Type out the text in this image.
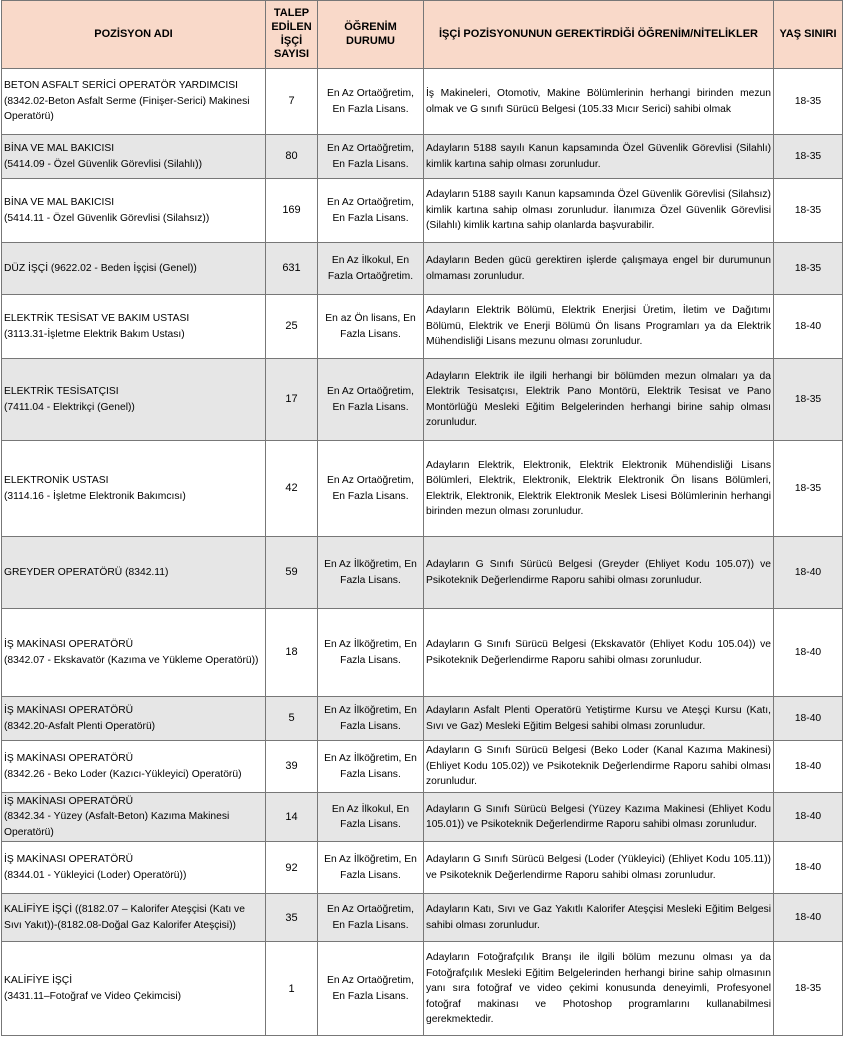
POZİSYON ADI	TALEP EDİLEN İŞÇİ SAYISI	ÖĞRENİM DURUMU	İŞÇİ POZİSYONUNUN GEREKTİRDİĞİ ÖĞRENİM/NİTELİKLER	YAŞ SINIRI

BETON ASFALT SERİCİ OPERATÖR YARDIMCISI
(8342.02-Beton Asfalt Serme (Finişer-Serici) Makinesi Operatörü)	7	En Az Ortaöğretim, En Fazla Lisans.	İş Makineleri, Otomotiv, Makine Bölümlerinin herhangi birinden mezun olmak ve G sınıfı Sürücü Belgesi (105.33 Mıcır Serici) sahibi olmak	18-35

BİNA VE MAL BAKICISI
(5414.09 - Özel Güvenlik Görevlisi (Silahlı))	80	En Az Ortaöğretim, En Fazla Lisans.	Adayların 5188 sayılı Kanun kapsamında Özel Güvenlik Görevlisi (Silahlı) kimlik kartına sahip olması zorunludur.	18-35

BİNA VE MAL BAKICISI
(5414.11 - Özel Güvenlik Görevlisi (Silahsız))	169	En Az Ortaöğretim, En Fazla Lisans.	Adayların 5188 sayılı Kanun kapsamında Özel Güvenlik Görevlisi (Silahsız) kimlik kartına sahip olması zorunludur. İlanımıza Özel Güvenlik Görevlisi (Silahlı) kimlik kartına sahip olanlarda başvurabilir.	18-35

DÜZ İŞÇİ (9622.02 - Beden İşçisi (Genel))	631	En Az İlkokul, En Fazla Ortaöğretim.	Adayların Beden gücü gerektiren işlerde çalışmaya engel bir durumunun olmaması zorunludur.	18-35

ELEKTRİK TESİSAT VE BAKIM USTASI
(3113.31-İşletme Elektrik Bakım Ustası)	25	En az Ön lisans, En Fazla Lisans.	Adayların Elektrik Bölümü, Elektrik Enerjisi Üretim, İletim ve Dağıtımı Bölümü, Elektrik ve Enerji Bölümü Ön lisans Programları ya da Elektrik Mühendisliği Lisans mezunu olması zorunludur.	18-40

ELEKTRİK TESİSATÇISI
(7411.04 - Elektrikçi (Genel))	17	En Az Ortaöğretim, En Fazla Lisans.	Adayların Elektrik ile ilgili herhangi bir bölümden mezun olmaları ya da Elektrik Tesisatçısı, Elektrik Pano Montörü, Elektrik Tesisat ve Pano Montörlüğü Mesleki Eğitim Belgelerinden herhangi birine sahip olması zorunludur.	18-35

ELEKTRONİK USTASI
(3114.16 - İşletme Elektronik Bakımcısı)	42	En Az Ortaöğretim, En Fazla Lisans.	Adayların Elektrik, Elektronik, Elektrik Elektronik Mühendisliği Lisans Bölümleri, Elektrik, Elektronik, Elektrik Elektronik Ön lisans Bölümleri, Elektrik, Elektronik, Elektrik Elektronik Meslek Lisesi Bölümlerinin herhangi birinden mezun olması zorunludur.	18-35

GREYDER OPERATÖRÜ (8342.11)	59	En Az İlköğretim, En Fazla Lisans.	Adayların G Sınıfı Sürücü Belgesi (Greyder (Ehliyet Kodu 105.07)) ve Psikoteknik Değerlendirme Raporu sahibi olması zorunludur.	18-40

İŞ MAKİNASI OPERATÖRÜ
(8342.07 - Ekskavatör (Kazıma ve Yükleme Operatörü))	18	En Az İlköğretim, En Fazla Lisans.	Adayların G Sınıfı Sürücü Belgesi (Ekskavatör (Ehliyet Kodu 105.04)) ve Psikoteknik Değerlendirme Raporu sahibi olması zorunludur.	18-40

İŞ MAKİNASI OPERATÖRÜ
(8342.20-Asfalt Plenti Operatörü)	5	En Az İlköğretim, En Fazla Lisans.	Adayların Asfalt Plenti Operatörü Yetiştirme Kursu ve Ateşçi Kursu (Katı, Sıvı ve Gaz) Mesleki Eğitim Belgesi sahibi olması zorunludur.	18-40

İŞ MAKİNASI OPERATÖRÜ
(8342.26 - Beko Loder (Kazıcı-Yükleyici) Operatörü)	39	En Az İlköğretim, En Fazla Lisans.	Adayların G Sınıfı Sürücü Belgesi (Beko Loder (Kanal Kazıma Makinesi) (Ehliyet Kodu 105.02)) ve Psikoteknik Değerlendirme Raporu sahibi olması zorunludur.	18-40

İŞ MAKİNASI OPERATÖRÜ
(8342.34 - Yüzey (Asfalt-Beton) Kazıma Makinesi Operatörü)	14	En Az İlkokul, En Fazla Lisans.	Adayların G Sınıfı Sürücü Belgesi (Yüzey Kazıma Makinesi (Ehliyet Kodu 105.01)) ve Psikoteknik Değerlendirme Raporu sahibi olması zorunludur.	18-40

İŞ MAKİNASI OPERATÖRÜ
(8344.01 - Yükleyici (Loder) Operatörü))	92	En Az İlköğretim, En Fazla Lisans.	Adayların G Sınıfı Sürücü Belgesi (Loder (Yükleyici) (Ehliyet Kodu 105.11)) ve Psikoteknik Değerlendirme Raporu sahibi olması zorunludur.	18-40

KALİFİYE İŞÇİ ((8182.07 – Kalorifer Ateşçisi (Katı ve Sıvı Yakıt))-(8182.08-Doğal Gaz Kalorifer Ateşçisi))	35	En Az Ortaöğretim, En Fazla Lisans.	Adayların Katı, Sıvı ve Gaz Yakıtlı Kalorifer Ateşçisi Mesleki Eğitim Belgesi sahibi olması zorunludur.	18-40

KALİFİYE İŞÇİ
(3431.11–Fotoğraf ve Video Çekimcisi)	1	En Az Ortaöğretim, En Fazla Lisans.	Adayların Fotoğrafçılık Branşı ile ilgili bölüm mezunu olması ya da Fotoğrafçılık Mesleki Eğitim Belgelerinden herhangi birine sahip olmasının yanı sıra fotoğraf ve video çekimi konusunda deneyimli, Profesyonel fotoğraf makinası ve Photoshop programlarını kullanabilmesi gerekmektedir.	18-35
